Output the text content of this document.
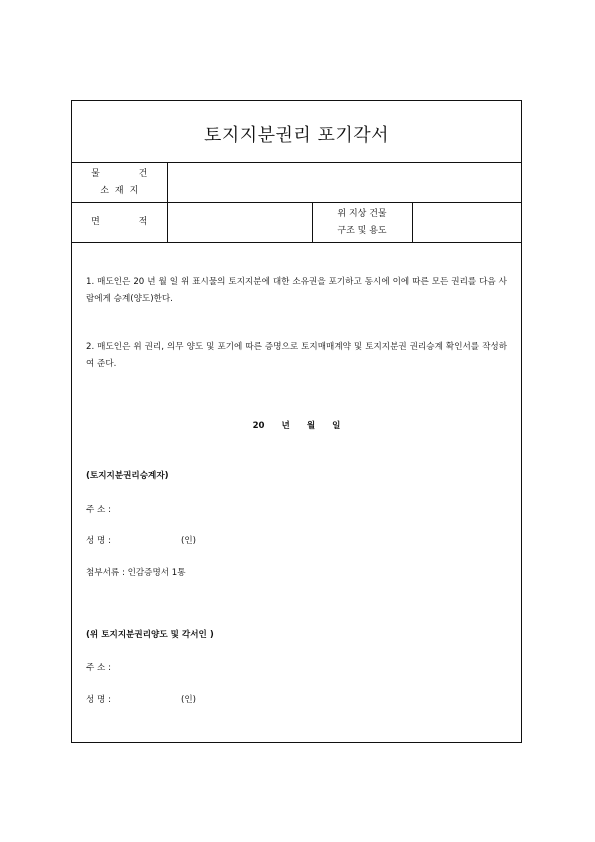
토지지분권리 포기각서
물 건
소재지			

면 적		위 지상 건물
구조 및 용도	

1. 매도인은 20 년 월 일 위 표시물의 토지지분에 대한 소유권을 포기하고 동시에 이에 따른 모든 권리를 다음 사람에게 승계(양도)한다.
2. 매도인은 위 권리, 의무 양도 및 포기에 따른 증명으로 토지매매계약 및 토지지분권 권리승계 확인서를 작성하여 준다.
20 년 월 일
(토지지분권리승계자)
주 소 :
성 명 :	(인)
첨부서류 : 인감증명서 1통
(위 토지지분권리양도 및 각서인 )
주 소 :
성 명 :	(인)
